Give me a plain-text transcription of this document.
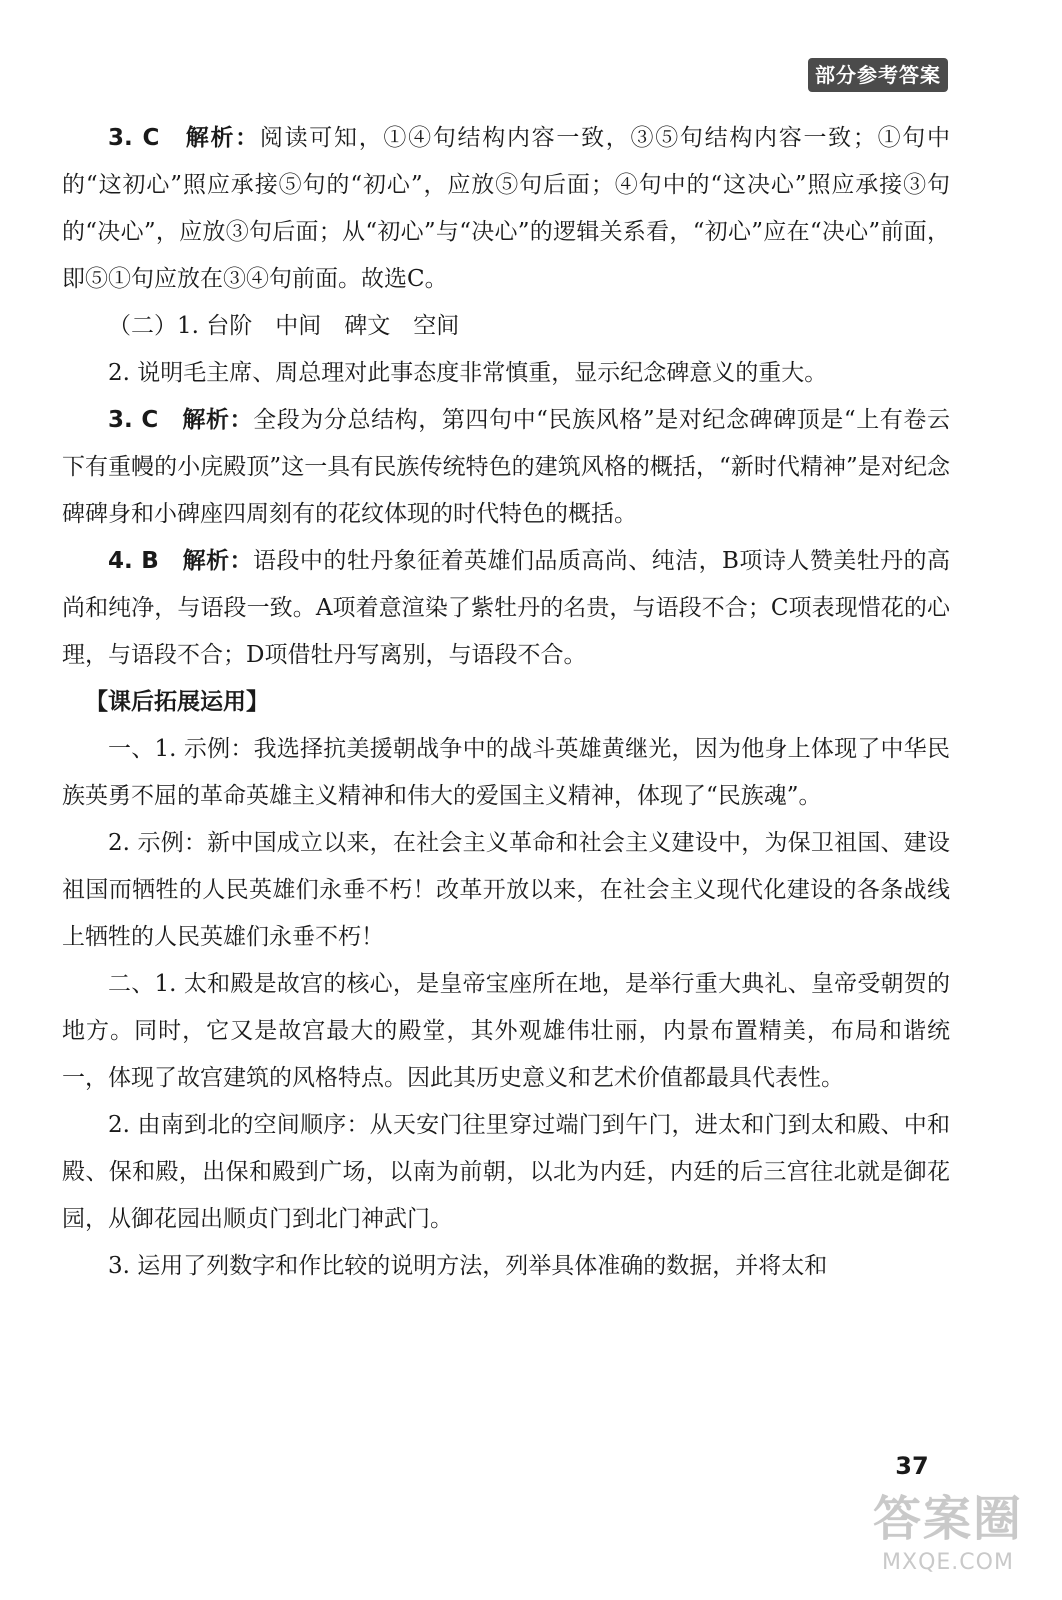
部分参考答案

3. C　解析：阅读可知，①④句结构内容一致，③⑤句结构内容一致；①句中的“这初心”照应承接⑤句的“初心”，应放⑤句后面；④句中的“这决心”照应承接③句的“决心”，应放③句后面；从“初心”与“决心”的逻辑关系看，“初心”应在“决心”前面，即⑤①句应放在③④句前面。故选C。

（二）1. 台阶　中间　碑文　空间

2. 说明毛主席、周总理对此事态度非常慎重，显示纪念碑意义的重大。

3. C　解析：全段为分总结构，第四句中“民族风格”是对纪念碑碑顶是“上有卷云下有重幔的小庑殿顶”这一具有民族传统特色的建筑风格的概括，“新时代精神”是对纪念碑碑身和小碑座四周刻有的花纹体现的时代特色的概括。

4. B　解析：语段中的牡丹象征着英雄们品质高尚、纯洁，B项诗人赞美牡丹的高尚和纯净，与语段一致。A项着意渲染了紫牡丹的名贵，与语段不合；C项表现惜花的心理，与语段不合；D项借牡丹写离别，与语段不合。

【课后拓展运用】

一、1. 示例：我选择抗美援朝战争中的战斗英雄黄继光，因为他身上体现了中华民族英勇不屈的革命英雄主义精神和伟大的爱国主义精神，体现了“民族魂”。

2. 示例：新中国成立以来，在社会主义革命和社会主义建设中，为保卫祖国、建设祖国而牺牲的人民英雄们永垂不朽！改革开放以来，在社会主义现代化建设的各条战线上牺牲的人民英雄们永垂不朽！

二、1. 太和殿是故宫的核心，是皇帝宝座所在地，是举行重大典礼、皇帝受朝贺的地方。同时，它又是故宫最大的殿堂，其外观雄伟壮丽，内景布置精美，布局和谐统一，体现了故宫建筑的风格特点。因此其历史意义和艺术价值都最具代表性。

2. 由南到北的空间顺序：从天安门往里穿过端门到午门，进太和门到太和殿、中和殿、保和殿，出保和殿到广场，以南为前朝，以北为内廷，内廷的后三宫往北就是御花园，从御花园出顺贞门到北门神武门。

3. 运用了列数字和作比较的说明方法，列举具体准确的数据，并将太和

37
答案圈
MXQE.COM
